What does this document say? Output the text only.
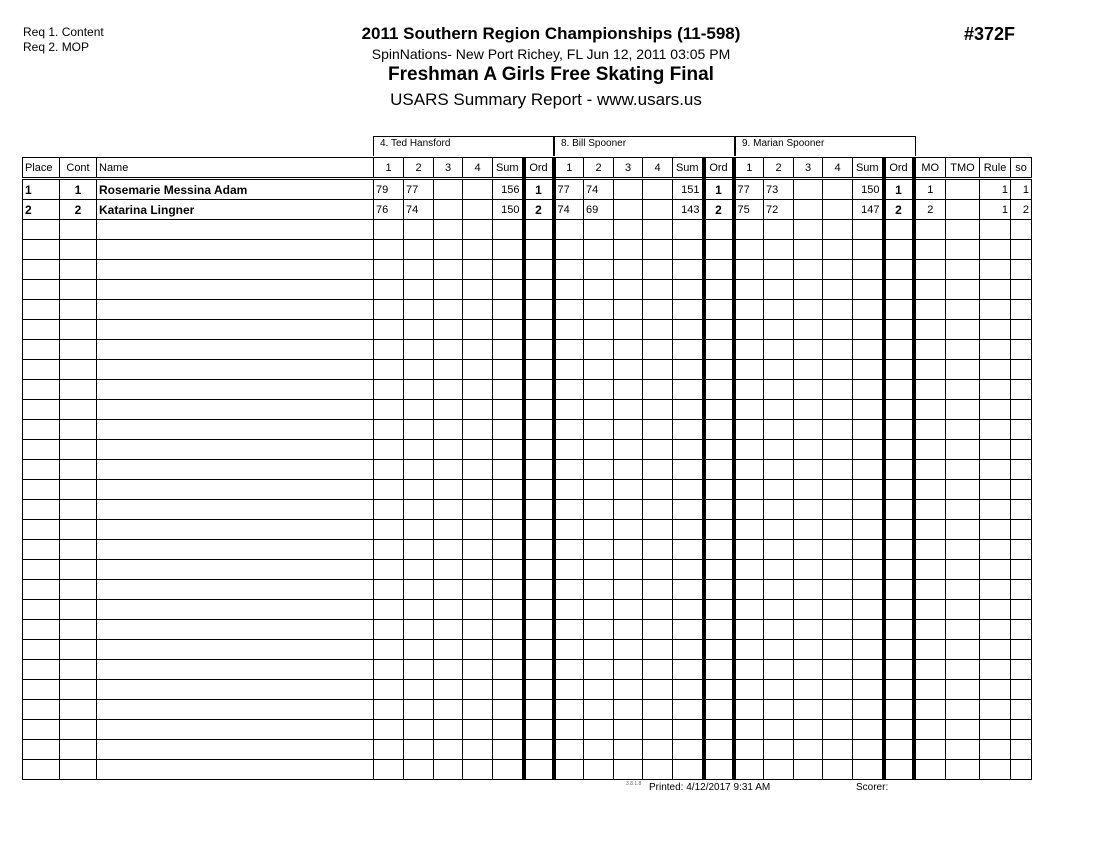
Req 1. Content
Req 2. MOP
2011 Southern Region Championships (11-598)
SpinNations- New Port Richey, FL Jun 12, 2011 03:05 PM
Freshman A Girls Free Skating Final
USARS Summary Report - www.usars.us
#372F
4. Ted Hansford	8. Bill Spooner	9. Marian Spooner
Place	Cont	Name	1	2	3	4	Sum	Ord	1	2	3	4	Sum	Ord	1	2	3	4	Sum	Ord	MO	TMO	Rule	so
1	1	Rosemarie Messina Adam	79	77			156	1	77	74			151	1	77	73			150	1	1		1	1
2	2	Katarina Lingner	76	74			150	2	74	69			143	2	75	72			147	2	2		1	2

3.8.1.8 Printed: 4/12/2017 9:31 AM	Scorer:
